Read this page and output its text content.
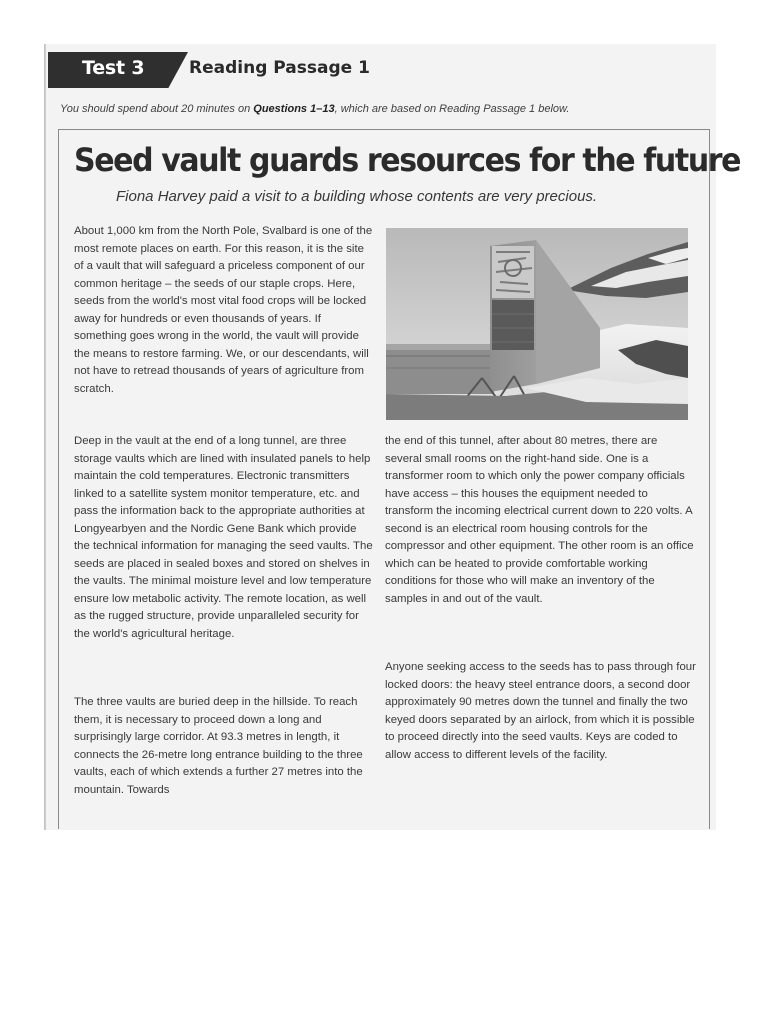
Test 3	Reading Passage 1
You should spend about 20 minutes on Questions 1–13, which are based on Reading Passage 1 below.
Seed vault guards resources for the future
Fiona Harvey paid a visit to a building whose contents are very precious.

About 1,000 km from the North Pole, Svalbard is one of the most remote places on earth. For this reason, it is the site of a vault that will safeguard a priceless component of our common heritage – the seeds of our staple crops. Here, seeds from the world's most vital food crops will be locked away for hundreds or even thousands of years. If something goes wrong in the world, the vault will provide the means to restore farming. We, or our descendants, will not have to retread thousands of years of agriculture from scratch.

Deep in the vault at the end of a long tunnel, are three storage vaults which are lined with insulated panels to help maintain the cold temperatures. Electronic transmitters linked to a satellite system monitor temperature, etc. and pass the information back to the appropriate authorities at Longyearbyen and the Nordic Gene Bank which provide the technical information for managing the seed vaults. The seeds are placed in sealed boxes and stored on shelves in the vaults. The minimal moisture level and low temperature ensure low metabolic activity. The remote location, as well as the rugged structure, provide unparalleled security for the world's agricultural heritage.

The three vaults are buried deep in the hillside. To reach them, it is necessary to proceed down a long and surprisingly large corridor. At 93.3 metres in length, it connects the 26-metre long entrance building to the three vaults, each of which extends a further 27 metres into the mountain. Towards

the end of this tunnel, after about 80 metres, there are several small rooms on the right-hand side. One is a transformer room to which only the power company officials have access – this houses the equipment needed to transform the incoming electrical current down to 220 volts. A second is an electrical room housing controls for the compressor and other equipment. The other room is an office which can be heated to provide comfortable working conditions for those who will make an inventory of the samples in and out of the vault.

Anyone seeking access to the seeds has to pass through four locked doors: the heavy steel entrance doors, a second door approximately 90 metres down the tunnel and finally the two keyed doors separated by an airlock, from which it is possible to proceed directly into the seed vaults. Keys are coded to allow access to different levels of the facility.
